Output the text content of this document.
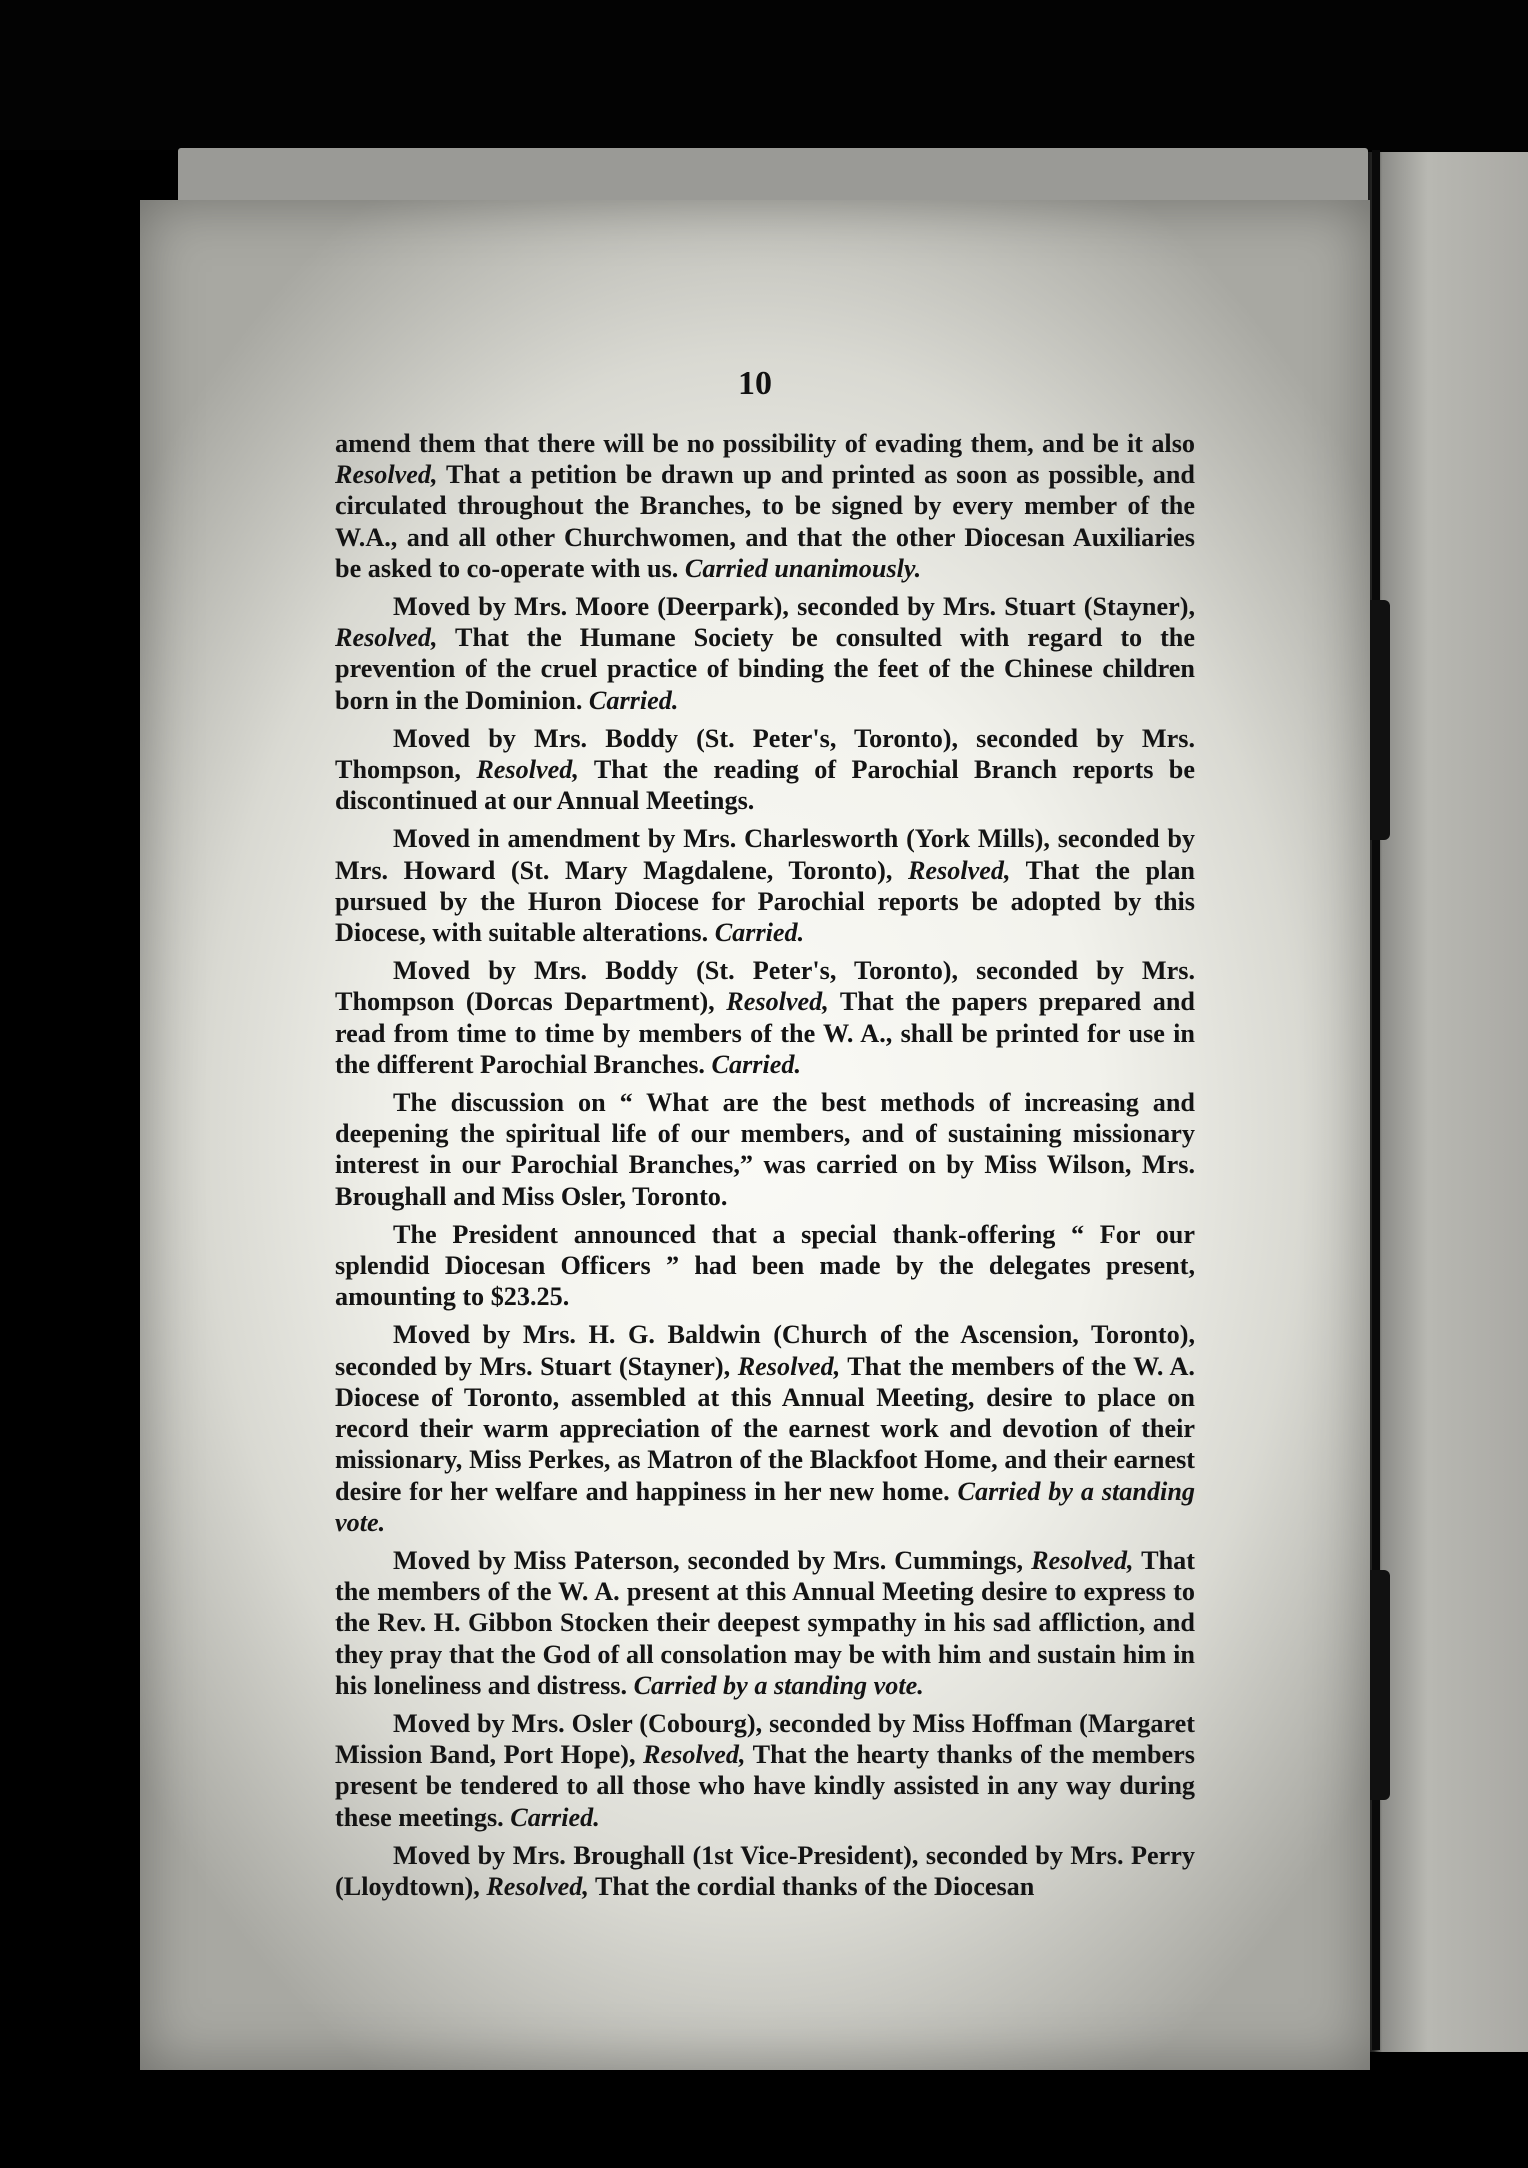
10

amend them that there will be no possibility of evading them, and be it also Resolved, That a petition be drawn up and printed as soon as possible, and circulated throughout the Branches, to be signed by every member of the W.A., and all other Churchwomen, and that the other Diocesan Auxiliaries be asked to co-operate with us. Carried unanimously.

Moved by Mrs. Moore (Deerpark), seconded by Mrs. Stuart (Stayner), Resolved, That the Humane Society be consulted with regard to the prevention of the cruel practice of binding the feet of the Chinese children born in the Dominion. Carried.

Moved by Mrs. Boddy (St. Peter's, Toronto), seconded by Mrs. Thompson, Resolved, That the reading of Parochial Branch reports be discontinued at our Annual Meetings.

Moved in amendment by Mrs. Charlesworth (York Mills), seconded by Mrs. Howard (St. Mary Magdalene, Toronto), Resolved, That the plan pursued by the Huron Diocese for Parochial reports be adopted by this Diocese, with suitable alterations. Carried.

Moved by Mrs. Boddy (St. Peter's, Toronto), seconded by Mrs. Thompson (Dorcas Department), Resolved, That the papers prepared and read from time to time by members of the W. A., shall be printed for use in the different Parochial Branches. Carried.

The discussion on “ What are the best methods of increasing and deepening the spiritual life of our members, and of sustaining missionary interest in our Parochial Branches,” was carried on by Miss Wilson, Mrs. Broughall and Miss Osler, Toronto.

The President announced that a special thank-offering “ For our splendid Diocesan Officers ” had been made by the delegates present, amounting to $23.25.

Moved by Mrs. H. G. Baldwin (Church of the Ascension, Toronto), seconded by Mrs. Stuart (Stayner), Resolved, That the members of the W. A. Diocese of Toronto, assembled at this Annual Meeting, desire to place on record their warm appreciation of the earnest work and devotion of their missionary, Miss Perkes, as Matron of the Blackfoot Home, and their earnest desire for her welfare and happiness in her new home. Carried by a standing vote.

Moved by Miss Paterson, seconded by Mrs. Cummings, Resolved, That the members of the W. A. present at this Annual Meeting desire to express to the Rev. H. Gibbon Stocken their deepest sympathy in his sad affliction, and they pray that the God of all consolation may be with him and sustain him in his loneliness and distress. Carried by a standing vote.

Moved by Mrs. Osler (Cobourg), seconded by Miss Hoffman (Margaret Mission Band, Port Hope), Resolved, That the hearty thanks of the members present be tendered to all those who have kindly assisted in any way during these meetings. Carried.

Moved by Mrs. Broughall (1st Vice-President), seconded by Mrs. Perry (Lloydtown), Resolved, That the cordial thanks of the Diocesan
